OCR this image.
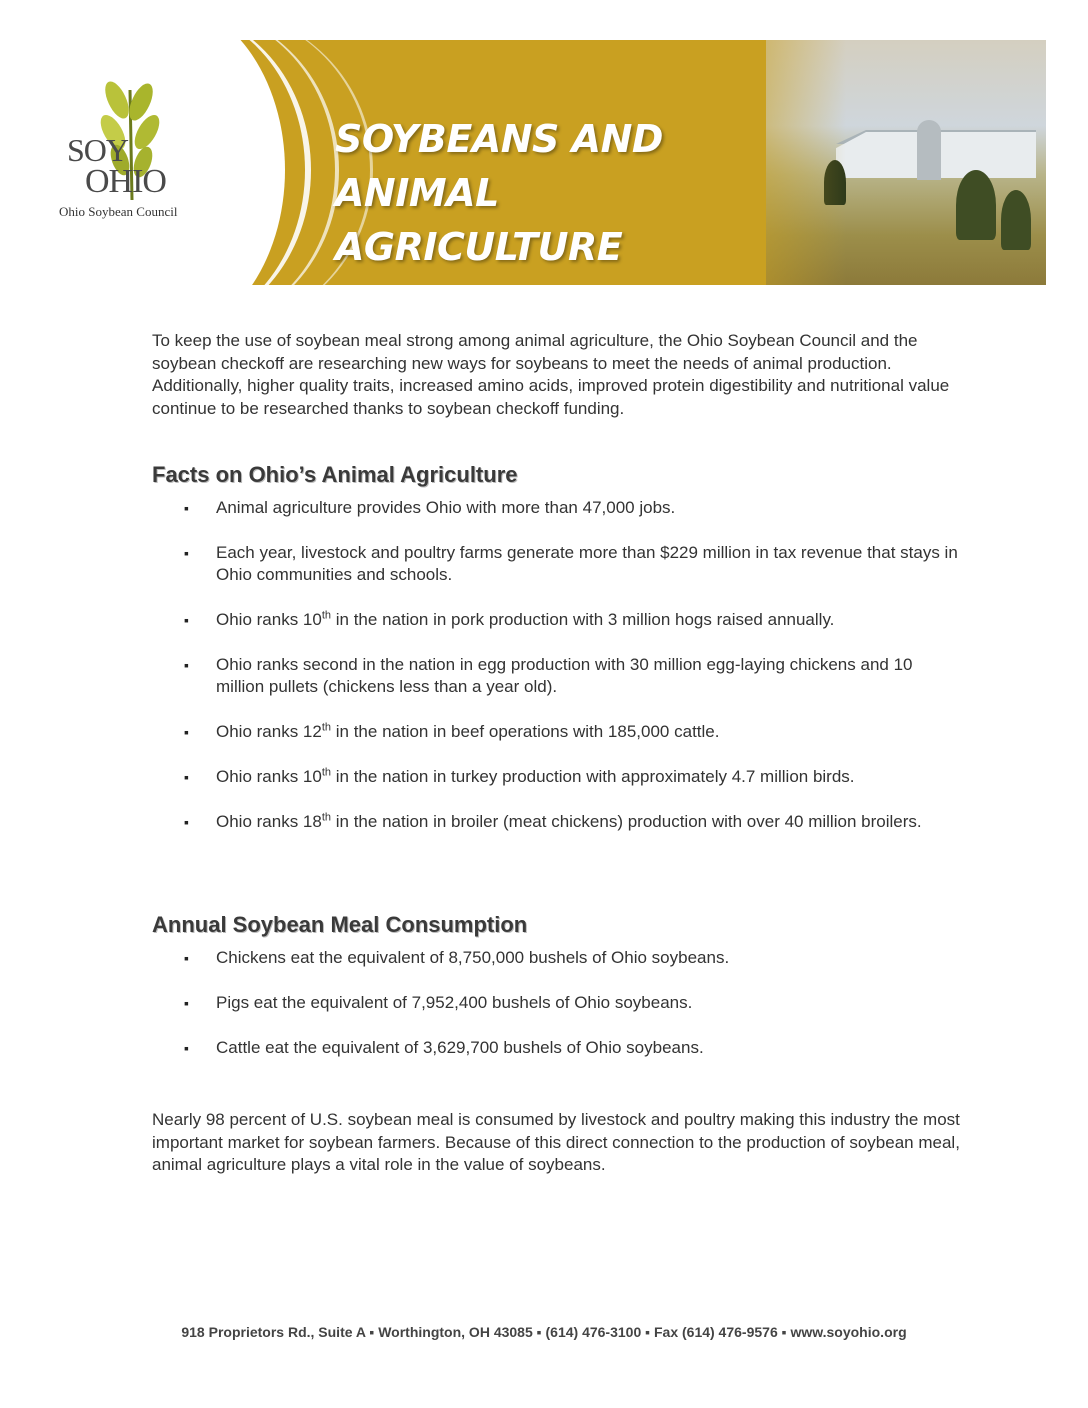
SOYBEANS AND
ANIMAL AGRICULTURE
SOY
OHIO
Ohio Soybean Council

To keep the use of soybean meal strong among animal agriculture, the Ohio Soybean Council and the soybean checkoff are researching new ways for soybeans to meet the needs of animal production. Additionally, higher quality traits, increased amino acids, improved protein digestibility and nutritional value continue to be researched thanks to soybean checkoff funding.

Facts on Ohio’s Animal Agriculture
▪ Animal agriculture provides Ohio with more than 47,000 jobs.
▪ Each year, livestock and poultry farms generate more than $229 million in tax revenue that stays in Ohio communities and schools.
▪ Ohio ranks 10th in the nation in pork production with 3 million hogs raised annually.
▪ Ohio ranks second in the nation in egg production with 30 million egg-laying chickens and 10 million pullets (chickens less than a year old).
▪ Ohio ranks 12th in the nation in beef operations with 185,000 cattle.
▪ Ohio ranks 10th in the nation in turkey production with approximately 4.7 million birds.
▪ Ohio ranks 18th in the nation in broiler (meat chickens) production with over 40 million broilers.
Annual Soybean Meal Consumption
▪ Chickens eat the equivalent of 8,750,000 bushels of Ohio soybeans.
▪ Pigs eat the equivalent of 7,952,400 bushels of Ohio soybeans.
▪ Cattle eat the equivalent of 3,629,700 bushels of Ohio soybeans.

Nearly 98 percent of U.S. soybean meal is consumed by livestock and poultry making this industry the most important market for soybean farmers. Because of this direct connection to the production of soybean meal, animal agriculture plays a vital role in the value of soybeans.

918 Proprietors Rd., Suite A ▪ Worthington, OH 43085 ▪ (614) 476-3100 ▪ Fax (614) 476-9576 ▪ www.soyohio.org
